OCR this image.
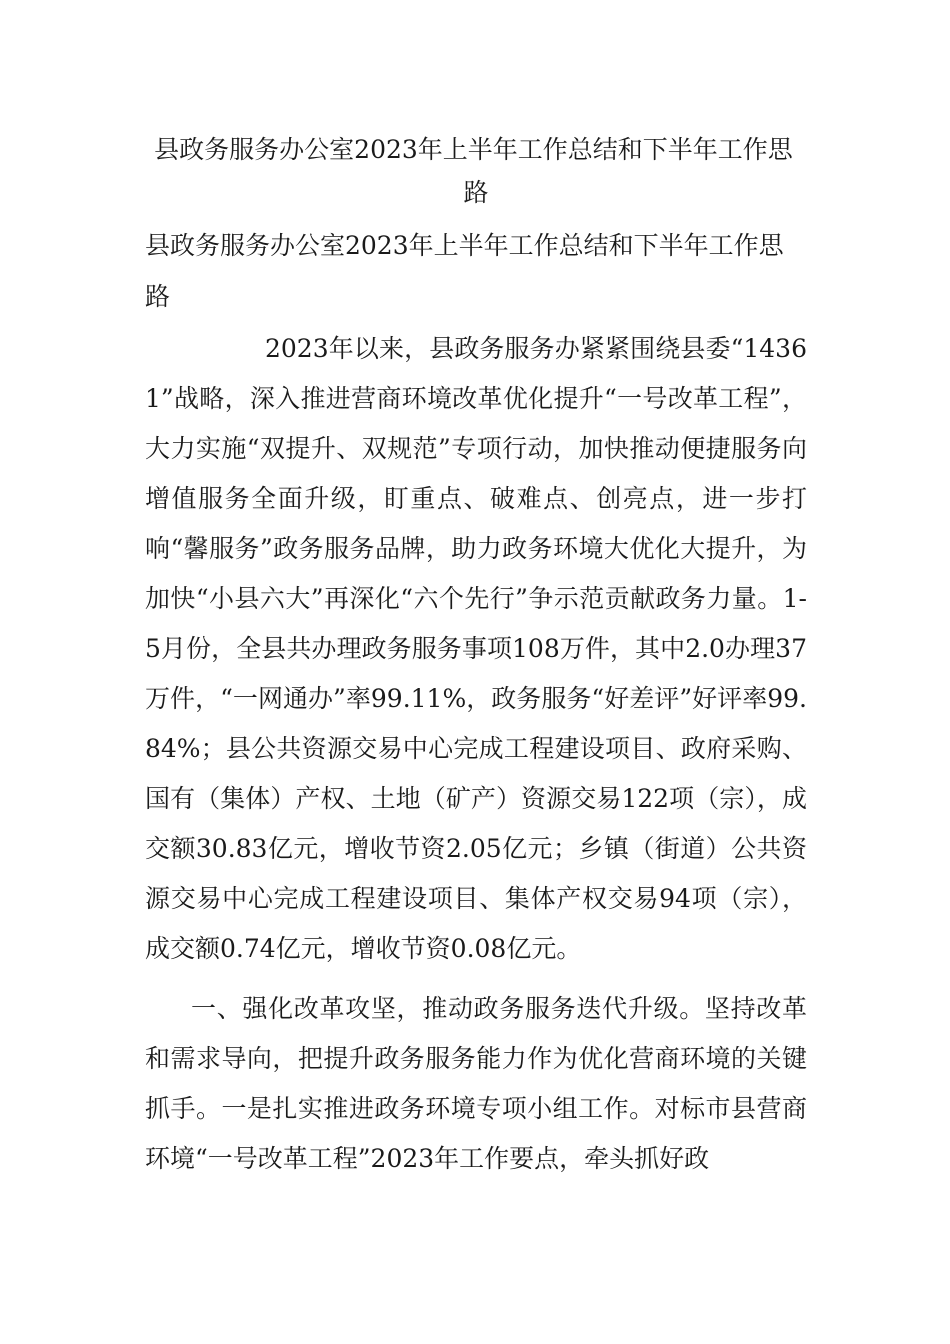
县政务服务办公室2023年上半年工作总结和下半年工作思
路
县政务服务办公室2023年上半年工作总结和下半年工作思路

2023年以来，县政务服务办紧紧围绕县委“14361”战略，深入推进营商环境改革优化提升“一号改革工程”，大力实施“双提升、双规范”专项行动，加快推动便捷服务向增值服务全面升级，盯重点、破难点、创亮点，进一步打响“馨服务”政务服务品牌，助力政务环境大优化大提升，为加快“小县六大”再深化“六个先行”争示范贡献政务力量。1-5月份，全县共办理政务服务事项108万件，其中2.0办理37万件，“一网通办”率99.11%，政务服务“好差评”好评率99.84%；县公共资源交易中心完成工程建设项目、政府采购、国有（集体）产权、土地（矿产）资源交易122项（宗），成交额30.83亿元，增收节资2.05亿元；乡镇（街道）公共资源交易中心完成工程建设项目、集体产权交易94项（宗），成交额0.74亿元，增收节资0.08亿元。

一、强化改革攻坚，推动政务服务迭代升级。坚持改革和需求导向，把提升政务服务能力作为优化营商环境的关键抓手。一是扎实推进政务环境专项小组工作。对标市县营商环境“一号改革工程”2023年工作要点，牵头抓好政
